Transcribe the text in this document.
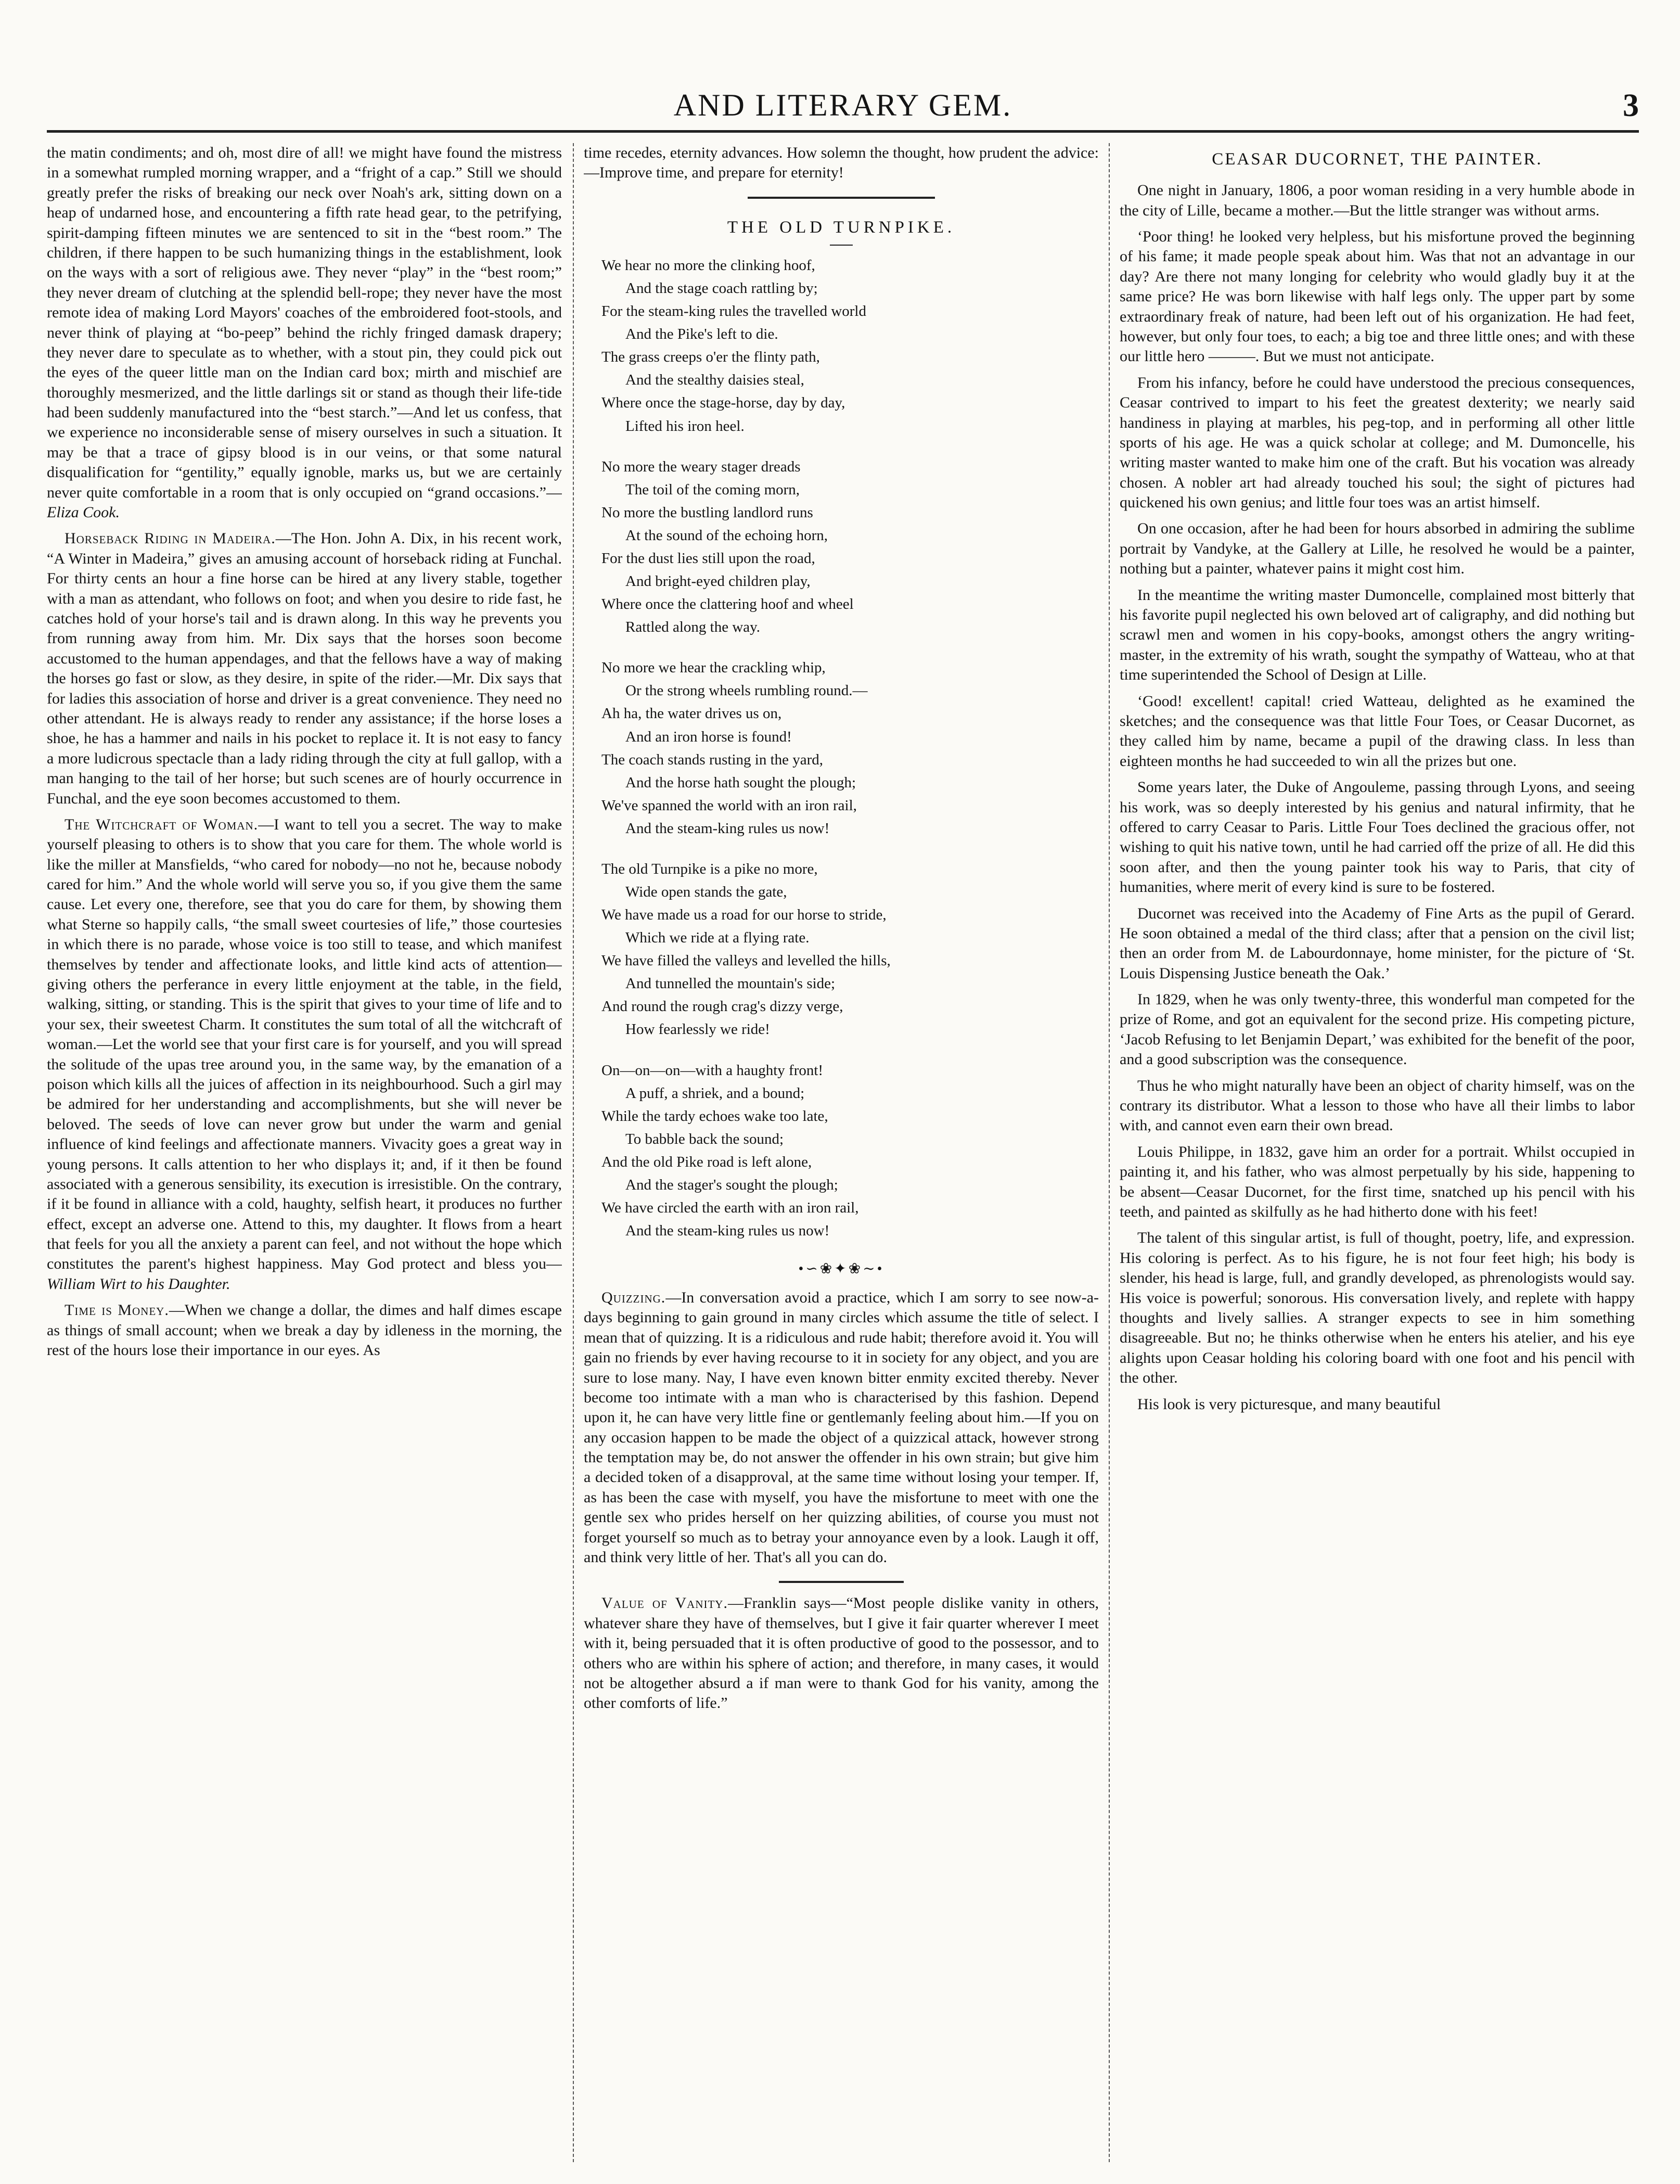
AND LITERARY GEM.	3

the matin condiments; and oh, most dire of all! we might have found the mistress in a somewhat rumpled morning wrapper, and a “fright of a cap.” Still we should greatly prefer the risks of breaking our neck over Noah's ark, sitting down on a heap of undarned hose, and encountering a fifth rate head gear, to the petrifying, spirit-damping fifteen minutes we are sentenced to sit in the “best room.” The children, if there happen to be such humanizing things in the establishment, look on the ways with a sort of religious awe. They never “play” in the “best room;” they never dream of clutching at the splendid bell-rope; they never have the most remote idea of making Lord Mayors' coaches of the embroidered foot-stools, and never think of playing at “bo-peep” behind the richly fringed damask drapery; they never dare to speculate as to whether, with a stout pin, they could pick out the eyes of the queer little man on the Indian card box; mirth and mischief are thoroughly mesmerized, and the little darlings sit or stand as though their life-tide had been suddenly manufactured into the “best starch.”—And let us confess, that we experience no inconsiderable sense of misery ourselves in such a situation. It may be that a trace of gipsy blood is in our veins, or that some natural disqualification for “gentility,” equally ignoble, marks us, but we are certainly never quite comfortable in a room that is only occupied on “grand occasions.”—Eliza Cook.

Horseback Riding in Madeira.—The Hon. John A. Dix, in his recent work, “A Winter in Madeira,” gives an amusing account of horseback riding at Funchal. For thirty cents an hour a fine horse can be hired at any livery stable, together with a man as attendant, who follows on foot; and when you desire to ride fast, he catches hold of your horse's tail and is drawn along. In this way he prevents you from running away from him. Mr. Dix says that the horses soon become accustomed to the human appendages, and that the fellows have a way of making the horses go fast or slow, as they desire, in spite of the rider.—Mr. Dix says that for ladies this association of horse and driver is a great convenience. They need no other attendant. He is always ready to render any assistance; if the horse loses a shoe, he has a hammer and nails in his pocket to replace it. It is not easy to fancy a more ludicrous spectacle than a lady riding through the city at full gallop, with a man hanging to the tail of her horse; but such scenes are of hourly occurrence in Funchal, and the eye soon becomes accustomed to them.

The Witchcraft of Woman.—I want to tell you a secret. The way to make yourself pleasing to others is to show that you care for them. The whole world is like the miller at Mansfields, “who cared for nobody—no not he, because nobody cared for him.” And the whole world will serve you so, if you give them the same cause. Let every one, therefore, see that you do care for them, by showing them what Sterne so happily calls, “the small sweet courtesies of life,” those courtesies in which there is no parade, whose voice is too still to tease, and which manifest themselves by tender and affectionate looks, and little kind acts of attention—giving others the perferance in every little enjoyment at the table, in the field, walking, sitting, or standing. This is the spirit that gives to your time of life and to your sex, their sweetest Charm. It constitutes the sum total of all the witchcraft of woman.—Let the world see that your first care is for yourself, and you will spread the solitude of the upas tree around you, in the same way, by the emanation of a poison which kills all the juices of affection in its neighbourhood. Such a girl may be admired for her understanding and accomplishments, but she will never be beloved. The seeds of love can never grow but under the warm and genial influence of kind feelings and affectionate manners. Vivacity goes a great way in young persons. It calls attention to her who displays it; and, if it then be found associated with a generous sensibility, its execution is irresistible. On the contrary, if it be found in alliance with a cold, haughty, selfish heart, it produces no further effect, except an adverse one. Attend to this, my daughter. It flows from a heart that feels for you all the anxiety a parent can feel, and not without the hope which constitutes the parent's highest happiness. May God protect and bless you—William Wirt to his Daughter.

Time is Money.—When we change a dollar, the dimes and half dimes escape as things of small account; when we break a day by idleness in the morning, the rest of the hours lose their importance in our eyes. As

time recedes, eternity advances. How solemn the thought, how prudent the advice:—Improve time, and prepare for eternity!

THE OLD TURNPIKE.
We hear no more the clinking hoof,
And the stage coach rattling by;
For the steam-king rules the travelled world
And the Pike's left to die.
The grass creeps o'er the flinty path,
And the stealthy daisies steal,
Where once the stage-horse, day by day,
Lifted his iron heel.
No more the weary stager dreads
The toil of the coming morn,
No more the bustling landlord runs
At the sound of the echoing horn,
For the dust lies still upon the road,
And bright-eyed children play,
Where once the clattering hoof and wheel
Rattled along the way.
No more we hear the crackling whip,
Or the strong wheels rumbling round.—
Ah ha, the water drives us on,
And an iron horse is found!
The coach stands rusting in the yard,
And the horse hath sought the plough;
We've spanned the world with an iron rail,
And the steam-king rules us now!
The old Turnpike is a pike no more,
Wide open stands the gate,
We have made us a road for our horse to stride,
Which we ride at a flying rate.
We have filled the valleys and levelled the hills,
And tunnelled the mountain's side;
And round the rough crag's dizzy verge,
How fearlessly we ride!
On—on—on—with a haughty front!
A puff, a shriek, and a bound;
While the tardy echoes wake too late,
To babble back the sound;
And the old Pike road is left alone,
And the stager's sought the plough;
We have circled the earth with an iron rail,
And the steam-king rules us now!
•∽❀✦❀∼•

Quizzing.—In conversation avoid a practice, which I am sorry to see now-a-days beginning to gain ground in many circles which assume the title of select. I mean that of quizzing. It is a ridiculous and rude habit; therefore avoid it. You will gain no friends by ever having recourse to it in society for any object, and you are sure to lose many. Nay, I have even known bitter enmity excited thereby. Never become too intimate with a man who is characterised by this fashion. Depend upon it, he can have very little fine or gentlemanly feeling about him.—If you on any occasion happen to be made the object of a quizzical attack, however strong the temptation may be, do not answer the offender in his own strain; but give him a decided token of a disapproval, at the same time without losing your temper. If, as has been the case with myself, you have the misfortune to meet with one the gentle sex who prides herself on her quizzing abilities, of course you must not forget yourself so much as to betray your annoyance even by a look. Laugh it off, and think very little of her. That's all you can do.

Value of Vanity.—Franklin says—“Most people dislike vanity in others, whatever share they have of themselves, but I give it fair quarter wherever I meet with it, being persuaded that it is often productive of good to the possessor, and to others who are within his sphere of action; and therefore, in many cases, it would not be altogether absurd a if man were to thank God for his vanity, among the other comforts of life.”

CEASAR DUCORNET, THE PAINTER.

One night in January, 1806, a poor woman residing in a very humble abode in the city of Lille, became a mother.—But the little stranger was without arms.

‘Poor thing! he looked very helpless, but his misfortune proved the beginning of his fame; it made people speak about him. Was that not an advantage in our day? Are there not many longing for celebrity who would gladly buy it at the same price? He was born likewise with half legs only. The upper part by some extraordinary freak of nature, had been left out of his organization. He had feet, however, but only four toes, to each; a big toe and three little ones; and with these our little hero ———. But we must not anticipate.

From his infancy, before he could have understood the precious consequences, Ceasar contrived to impart to his feet the greatest dexterity; we nearly said handiness in playing at marbles, his peg-top, and in performing all other little sports of his age. He was a quick scholar at college; and M. Dumoncelle, his writing master wanted to make him one of the craft. But his vocation was already chosen. A nobler art had already touched his soul; the sight of pictures had quickened his own genius; and little four toes was an artist himself.

On one occasion, after he had been for hours absorbed in admiring the sublime portrait by Vandyke, at the Gallery at Lille, he resolved he would be a painter, nothing but a painter, whatever pains it might cost him.

In the meantime the writing master Dumoncelle, complained most bitterly that his favorite pupil neglected his own beloved art of caligraphy, and did nothing but scrawl men and women in his copy-books, amongst others the angry writing-master, in the extremity of his wrath, sought the sympathy of Watteau, who at that time superintended the School of Design at Lille.

‘Good! excellent! capital! cried Watteau, delighted as he examined the sketches; and the consequence was that little Four Toes, or Ceasar Ducornet, as they called him by name, became a pupil of the drawing class. In less than eighteen months he had succeeded to win all the prizes but one.

Some years later, the Duke of Angouleme, passing through Lyons, and seeing his work, was so deeply interested by his genius and natural infirmity, that he offered to carry Ceasar to Paris. Little Four Toes declined the gracious offer, not wishing to quit his native town, until he had carried off the prize of all. He did this soon after, and then the young painter took his way to Paris, that city of humanities, where merit of every kind is sure to be fostered.

Ducornet was received into the Academy of Fine Arts as the pupil of Gerard. He soon obtained a medal of the third class; after that a pension on the civil list; then an order from M. de Labourdonnaye, home minister, for the picture of ‘St. Louis Dispensing Justice beneath the Oak.’

In 1829, when he was only twenty-three, this wonderful man competed for the prize of Rome, and got an equivalent for the second prize. His competing picture, ‘Jacob Refusing to let Benjamin Depart,’ was exhibited for the benefit of the poor, and a good subscription was the consequence.

Thus he who might naturally have been an object of charity himself, was on the contrary its distributor. What a lesson to those who have all their limbs to labor with, and cannot even earn their own bread.

Louis Philippe, in 1832, gave him an order for a portrait. Whilst occupied in painting it, and his father, who was almost perpetually by his side, happening to be absent—Ceasar Ducornet, for the first time, snatched up his pencil with his teeth, and painted as skilfully as he had hitherto done with his feet!

The talent of this singular artist, is full of thought, poetry, life, and expression. His coloring is perfect. As to his figure, he is not four feet high; his body is slender, his head is large, full, and grandly developed, as phrenologists would say. His voice is powerful; sonorous. His conversation lively, and replete with happy thoughts and lively sallies. A stranger expects to see in him something disagreeable. But no; he thinks otherwise when he enters his atelier, and his eye alights upon Ceasar holding his coloring board with one foot and his pencil with the other.

His look is very picturesque, and many beautiful
